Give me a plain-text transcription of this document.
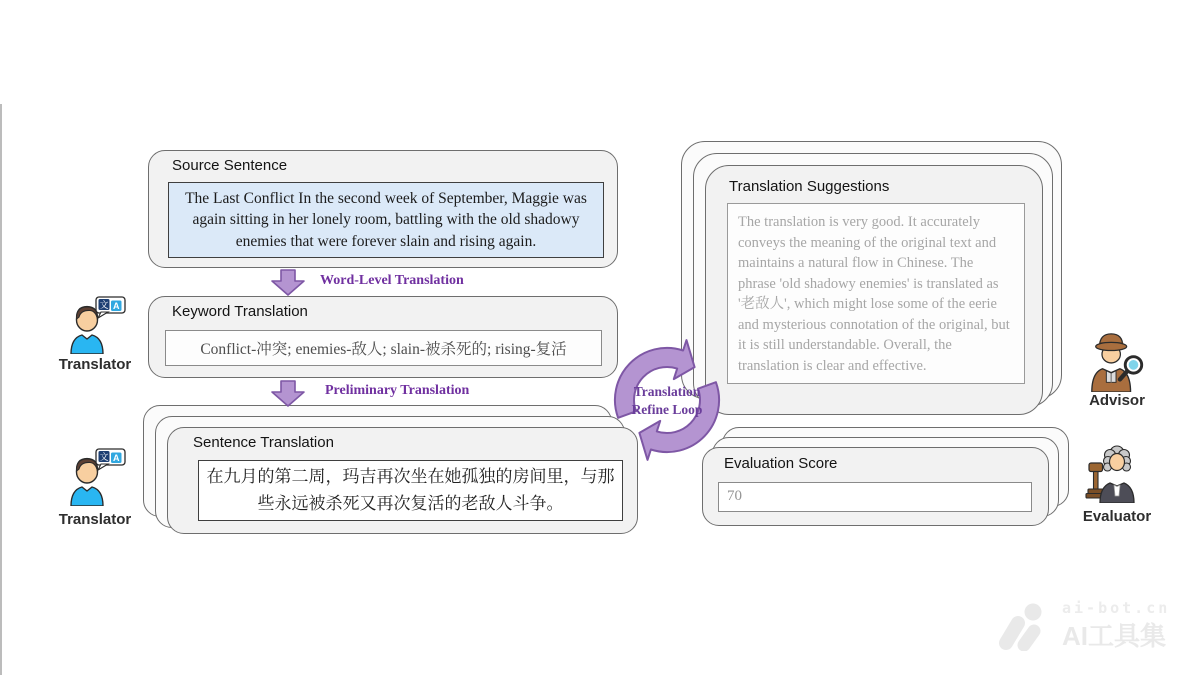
Source Sentence
The Last Conflict In the second week of September, Maggie was again sitting in her lonely room, battling with the old shadowy enemies that were forever slain and rising again.
Word-Level Translation
Keyword Translation
Conflict-冲突; enemies-敌人; slain-被杀死的; rising-复活
Preliminary Translation
Sentence Translation
在九月的第二周，玛吉再次坐在她孤独的房间里，与那些永远被杀死又再次复活的老敌人斗争。
文 A
Translator
文 A
Translator
Translation Suggestions
The translation is very good. It accurately conveys the meaning of the original text and maintains a natural flow in Chinese. The phrase 'old shadowy enemies' is translated as '老敌人', which might lose some of the eerie and mysterious connotation of the original, but it is still understandable. Overall, the translation is clear and effective.
Evaluation Score
70
Advisor
Evaluator
Translation
Refine Loop
ai-bot.cn
AI工具集
